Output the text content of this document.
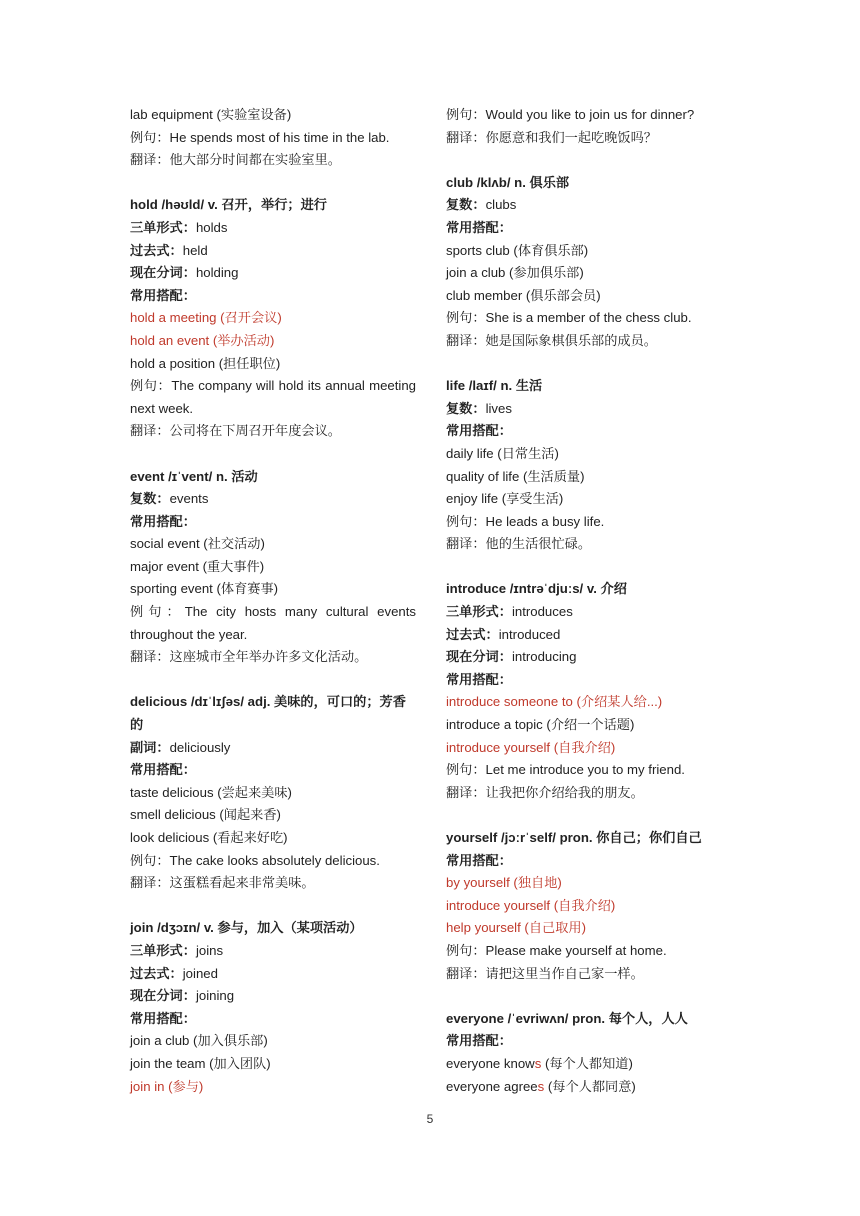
lab equipment (实验室设备)
例句：He spends most of his time in the lab.
翻译：他大部分时间都在实验室里。
hold /həʊld/ v. 召开，举行；进行
三单形式：holds
过去式：held
现在分词：holding
常用搭配：
hold a meeting (召开会议)
hold an event (举办活动)
hold a position (担任职位)
例句：The company will hold its annual meeting next week.
翻译：公司将在下周召开年度会议。
event /ɪˈvent/ n. 活动
复数：events
常用搭配：
social event (社交活动)
major event (重大事件)
sporting event (体育赛事)
例句：The city hosts many cultural events throughout the year.
翻译：这座城市全年举办许多文化活动。
delicious /dɪˈlɪʃəs/ adj. 美味的，可口的；芳香的
副词：deliciously
常用搭配：
taste delicious (尝起来美味)
smell delicious (闻起来香)
look delicious (看起来好吃)
例句：The cake looks absolutely delicious.
翻译：这蛋糕看起来非常美味。
join /dʒɔɪn/ v. 参与，加入（某项活动）
三单形式：joins
过去式：joined
现在分词：joining
常用搭配：
join a club (加入俱乐部)
join the team (加入团队)
join in (参与)
例句：Would you like to join us for dinner?
翻译：你愿意和我们一起吃晚饭吗？
club /klʌb/ n. 俱乐部
复数：clubs
常用搭配：
sports club (体育俱乐部)
join a club (参加俱乐部)
club member (俱乐部会员)
例句：She is a member of the chess club.
翻译：她是国际象棋俱乐部的成员。
life /laɪf/ n. 生活
复数：lives
常用搭配：
daily life (日常生活)
quality of life (生活质量)
enjoy life (享受生活)
例句：He leads a busy life.
翻译：他的生活很忙碌。
introduce /ɪntrəˈdjuːs/ v. 介绍
三单形式：introduces
过去式：introduced
现在分词：introducing
常用搭配：
introduce someone to (介绍某人给...)
introduce a topic (介绍一个话题)
introduce yourself (自我介绍)
例句：Let me introduce you to my friend.
翻译：让我把你介绍给我的朋友。
yourself /jɔːrˈself/ pron. 你自己；你们自己
常用搭配：
by yourself (独自地)
introduce yourself (自我介绍)
help yourself (自己取用)
例句：Please make yourself at home.
翻译：请把这里当作自己家一样。
everyone /ˈevriwʌn/ pron. 每个人，人人
常用搭配：
everyone knows (每个人都知道)
everyone agrees (每个人都同意)
5
